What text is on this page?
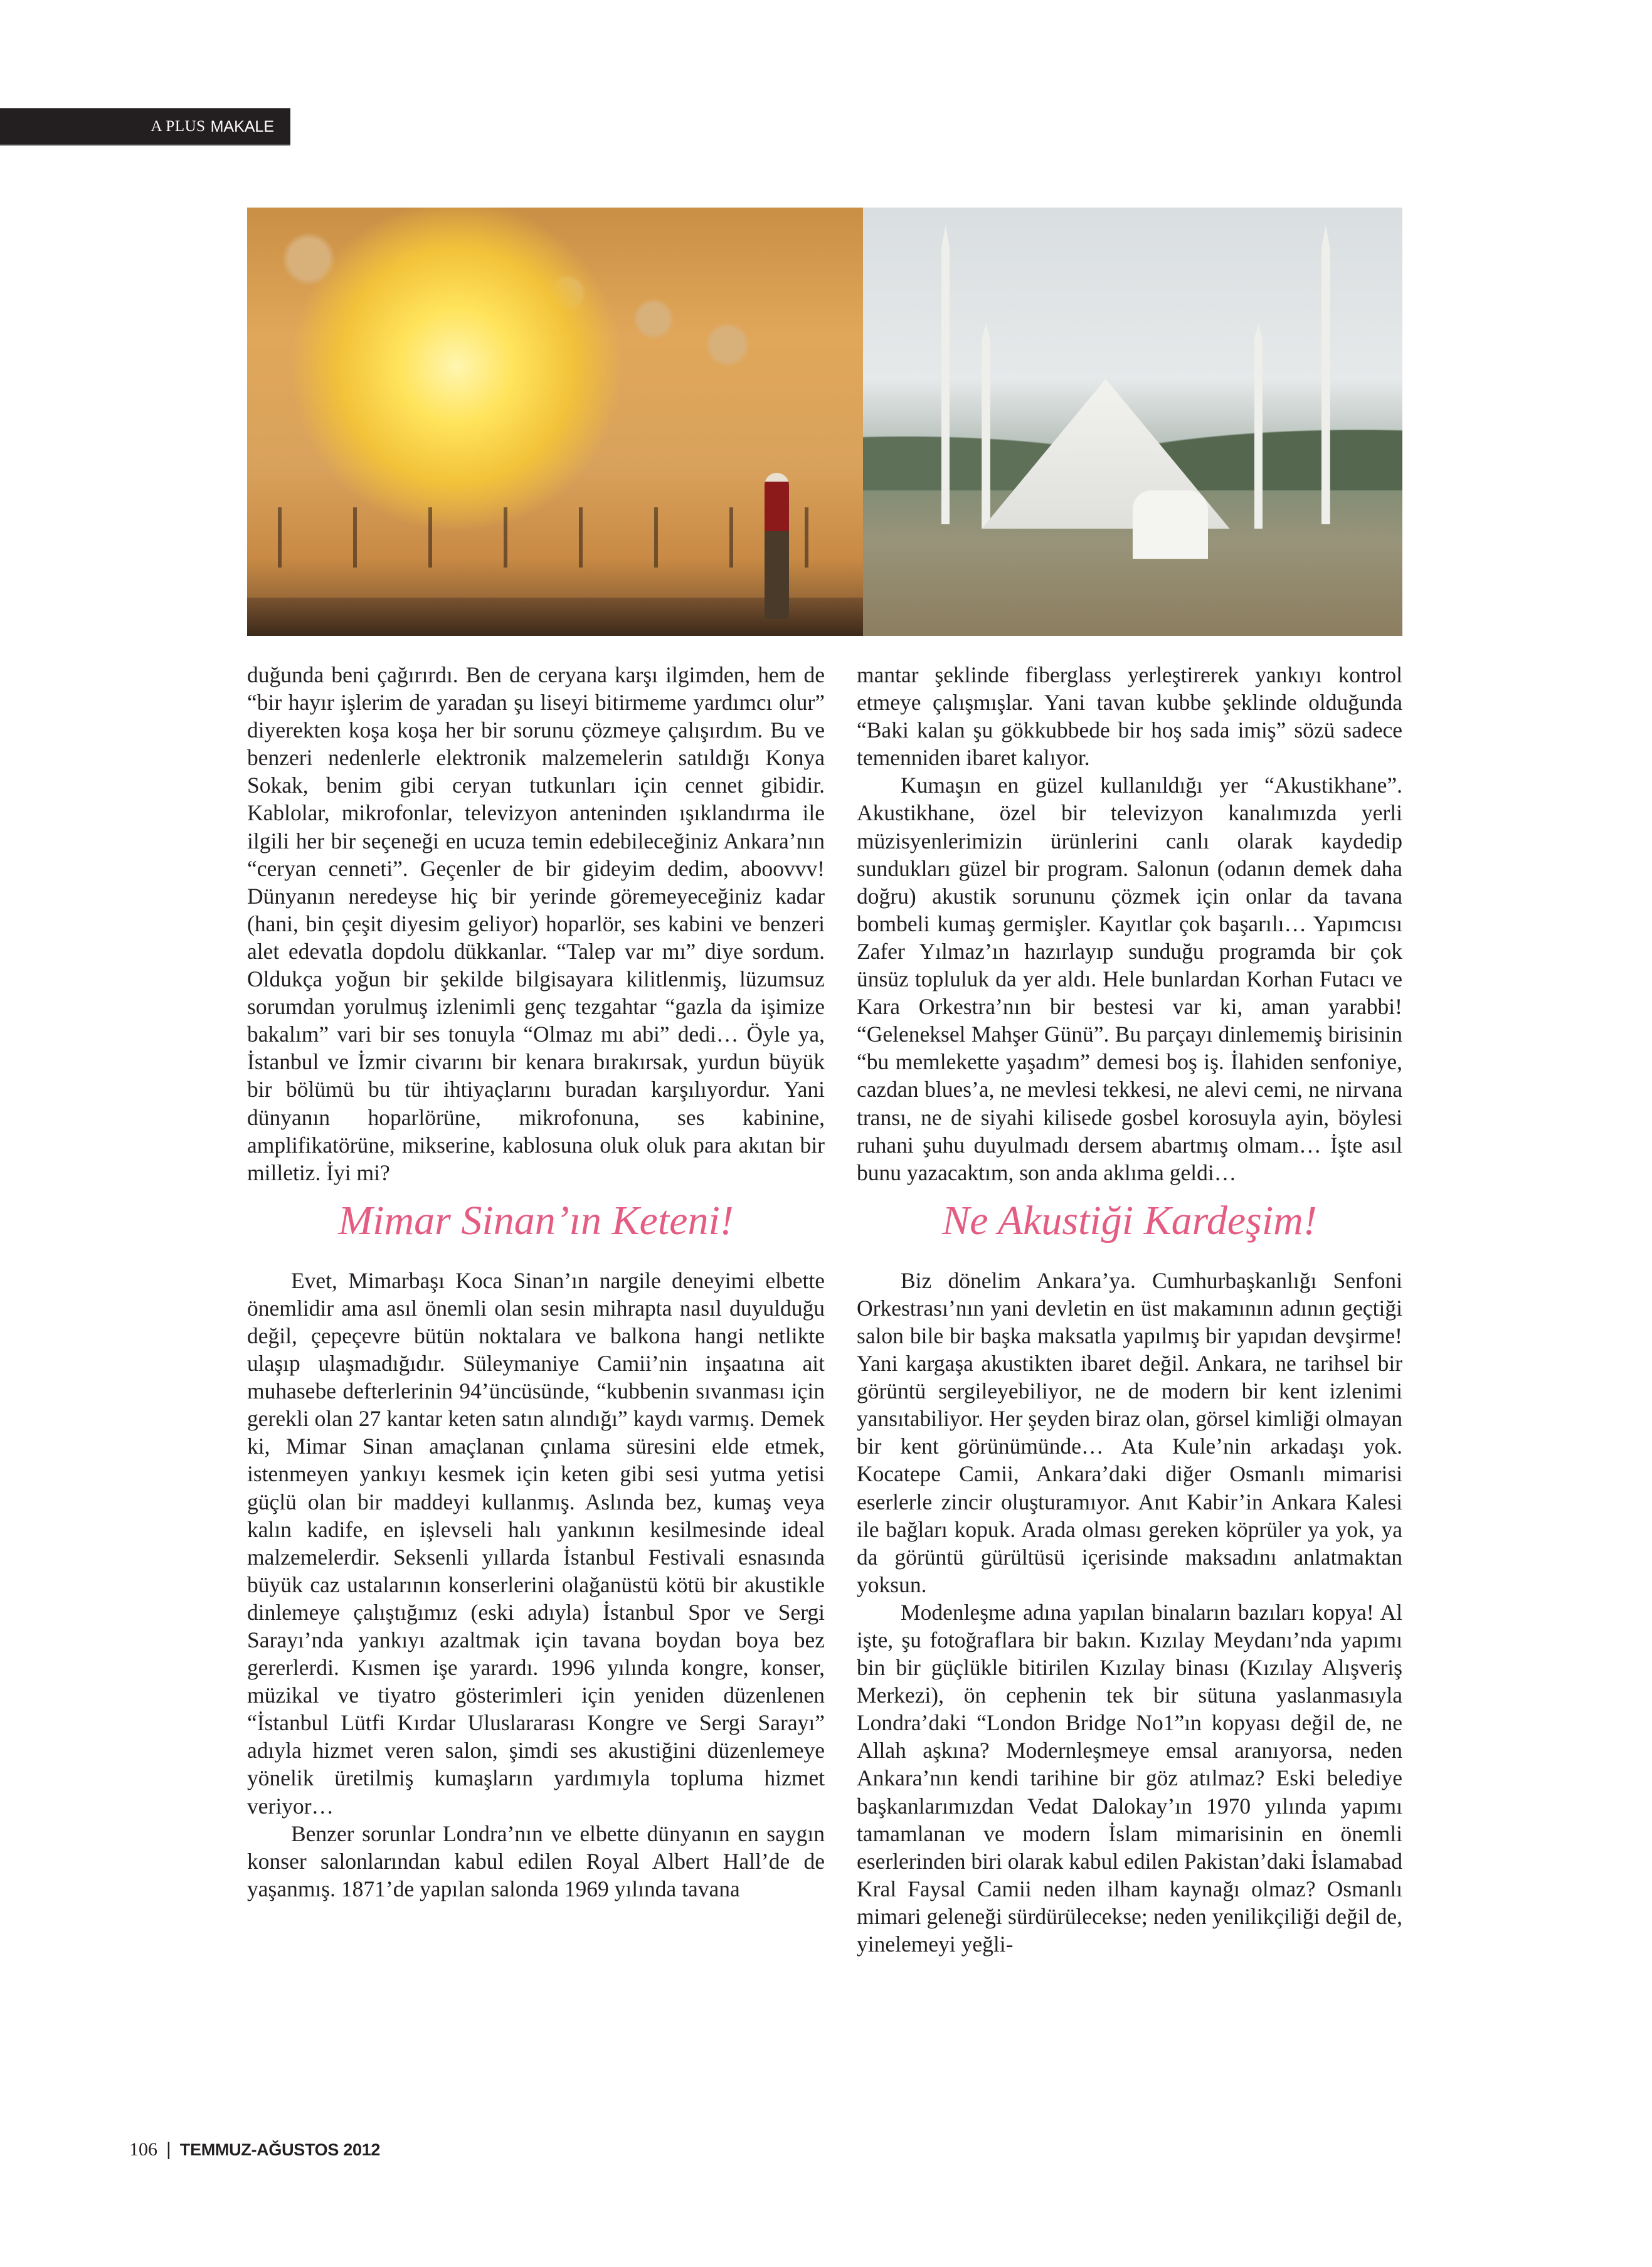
A PLUS MAKALE

duğunda beni çağırırdı. Ben de ceryana karşı ilgimden, hem de “bir hayır işlerim de yaradan şu liseyi bitirmeme yardımcı olur” diyerekten koşa koşa her bir sorunu çözmeye çalışırdım. Bu ve benzeri nedenlerle elektronik malzemelerin satıldığı Konya Sokak, benim gibi ceryan tutkunları için cennet gibidir. Kablolar, mikrofonlar, televizyon anteninden ışıklandırma ile ilgili her bir seçeneği en ucuza temin edebileceğiniz Ankara’nın “ceryan cenneti”. Geçenler de bir gideyim dedim, aboovvv! Dünyanın neredeyse hiç bir yerinde göremeyeceğiniz kadar (hani, bin çeşit diyesim geliyor) hoparlör, ses kabini ve benzeri alet edevatla dopdolu dükkanlar. “Talep var mı” diye sordum. Oldukça yoğun bir şekilde bilgisayara kilitlenmiş, lüzumsuz sorumdan yorulmuş izlenimli genç tezgahtar “gazla da işimize bakalım” vari bir ses tonuyla “Olmaz mı abi” dedi… Öyle ya, İstanbul ve İzmir civarını bir kenara bırakırsak, yurdun büyük bir bölümü bu tür ihtiyaçlarını buradan karşılıyordur. Yani dünyanın hoparlörüne, mikrofonuna, ses kabinine, amplifikatörüne, mikserine, kablosuna oluk oluk para akıtan bir milletiz. İyi mi?

Mimar Sinan’ın Keteni!

Evet, Mimarbaşı Koca Sinan’ın nargile deneyimi elbette önemlidir ama asıl önemli olan sesin mihrapta nasıl duyulduğu değil, çepeçevre bütün noktalara ve balkona hangi netlikte ulaşıp ulaşmadığıdır. Süleymaniye Camii’nin inşaatına ait muhasebe defterlerinin 94’üncüsünde, “kubbenin sıvanması için gerekli olan 27 kantar keten satın alındığı” kaydı varmış. Demek ki, Mimar Sinan amaçlanan çınlama süresini elde etmek, istenmeyen yankıyı kesmek için keten gibi sesi yutma yetisi güçlü olan bir maddeyi kullanmış. Aslında bez, kumaş veya kalın kadife, en işlevseli halı yankının kesilmesinde ideal malzemelerdir. Seksenli yıllarda İstanbul Festivali esnasında büyük caz ustalarının konserlerini olağanüstü kötü bir akustikle dinlemeye çalıştığımız (eski adıyla) İstanbul Spor ve Sergi Sarayı’nda yankıyı azaltmak için tavana boydan boya bez gererlerdi. Kısmen işe yarardı. 1996 yılında kongre, konser, müzikal ve tiyatro gösterimleri için yeniden düzenlenen “İstanbul Lütfi Kırdar Uluslararası Kongre ve Sergi Sarayı” adıyla hizmet veren salon, şimdi ses akustiğini düzenlemeye yönelik üretilmiş kumaşların yardımıyla topluma hizmet veriyor…

Benzer sorunlar Londra’nın ve elbette dünyanın en saygın konser salonlarından kabul edilen Royal Albert Hall’de de yaşanmış. 1871’de yapılan salonda 1969 yılında tavana

mantar şeklinde fiberglass yerleştirerek yankıyı kontrol etmeye çalışmışlar. Yani tavan kubbe şeklinde olduğunda “Baki kalan şu gökkubbede bir hoş sada imiş” sözü sadece temenniden ibaret kalıyor.

Kumaşın en güzel kullanıldığı yer “Akustikhane”. Akustikhane, özel bir televizyon kanalımızda yerli müzisyenlerimizin ürünlerini canlı olarak kaydedip sundukları güzel bir program. Salonun (odanın demek daha doğru) akustik sorununu çözmek için onlar da tavana bombeli kumaş germişler. Kayıtlar çok başarılı… Yapımcısı Zafer Yılmaz’ın hazırlayıp sunduğu programda bir çok ünsüz topluluk da yer aldı. Hele bunlardan Korhan Futacı ve Kara Orkestra’nın bir bestesi var ki, aman yarabbi! “Geleneksel Mahşer Günü”. Bu parçayı dinlememiş birisinin “bu memlekette yaşadım” demesi boş iş. İlahiden senfoniye, cazdan blues’a, ne mevlesi tekkesi, ne alevi cemi, ne nirvana transı, ne de siyahi kilisede gosbel korosuyla ayin, böylesi ruhani şuhu duyulmadı dersem abartmış olmam… İşte asıl bunu yazacaktım, son anda aklıma geldi…

Ne Akustiği Kardeşim!

Biz dönelim Ankara’ya. Cumhurbaşkanlığı Senfoni Orkestrası’nın yani devletin en üst makamının adının geçtiği salon bile bir başka maksatla yapılmış bir yapıdan devşirme! Yani kargaşa akustikten ibaret değil. Ankara, ne tarihsel bir görüntü sergileyebiliyor, ne de modern bir kent izlenimi yansıtabiliyor. Her şeyden biraz olan, görsel kimliği olmayan bir kent görünümünde… Ata Kule’nin arkadaşı yok. Kocatepe Camii, Ankara’daki diğer Osmanlı mimarisi eserlerle zincir oluşturamıyor. Anıt Kabir’in Ankara Kalesi ile bağları kopuk. Arada olması gereken köprüler ya yok, ya da görüntü gürültüsü içerisinde maksadını anlatmaktan yoksun.

Modenleşme adına yapılan binaların bazıları kopya! Al işte, şu fotoğraflara bir bakın. Kızılay Meydanı’nda yapımı bin bir güçlükle bitirilen Kızılay binası (Kızılay Alışveriş Merkezi), ön cephenin tek bir sütuna yaslanmasıyla Londra’daki “London Bridge No1”ın kopyası değil de, ne Allah aşkına? Modernleşmeye emsal aranıyorsa, neden Ankara’nın kendi tarihine bir göz atılmaz? Eski belediye başkanlarımızdan Vedat Dalokay’ın 1970 yılında yapımı tamamlanan ve modern İslam mimarisinin en önemli eserlerinden biri olarak kabul edilen Pakistan’daki İslamabad Kral Faysal Camii neden ilham kaynağı olmaz? Osmanlı mimari geleneği sürdürülecekse; neden yenilikçiliği değil de, yinelemeyi yeğli-

106 | TEMMUZ-AĞUSTOS 2012
